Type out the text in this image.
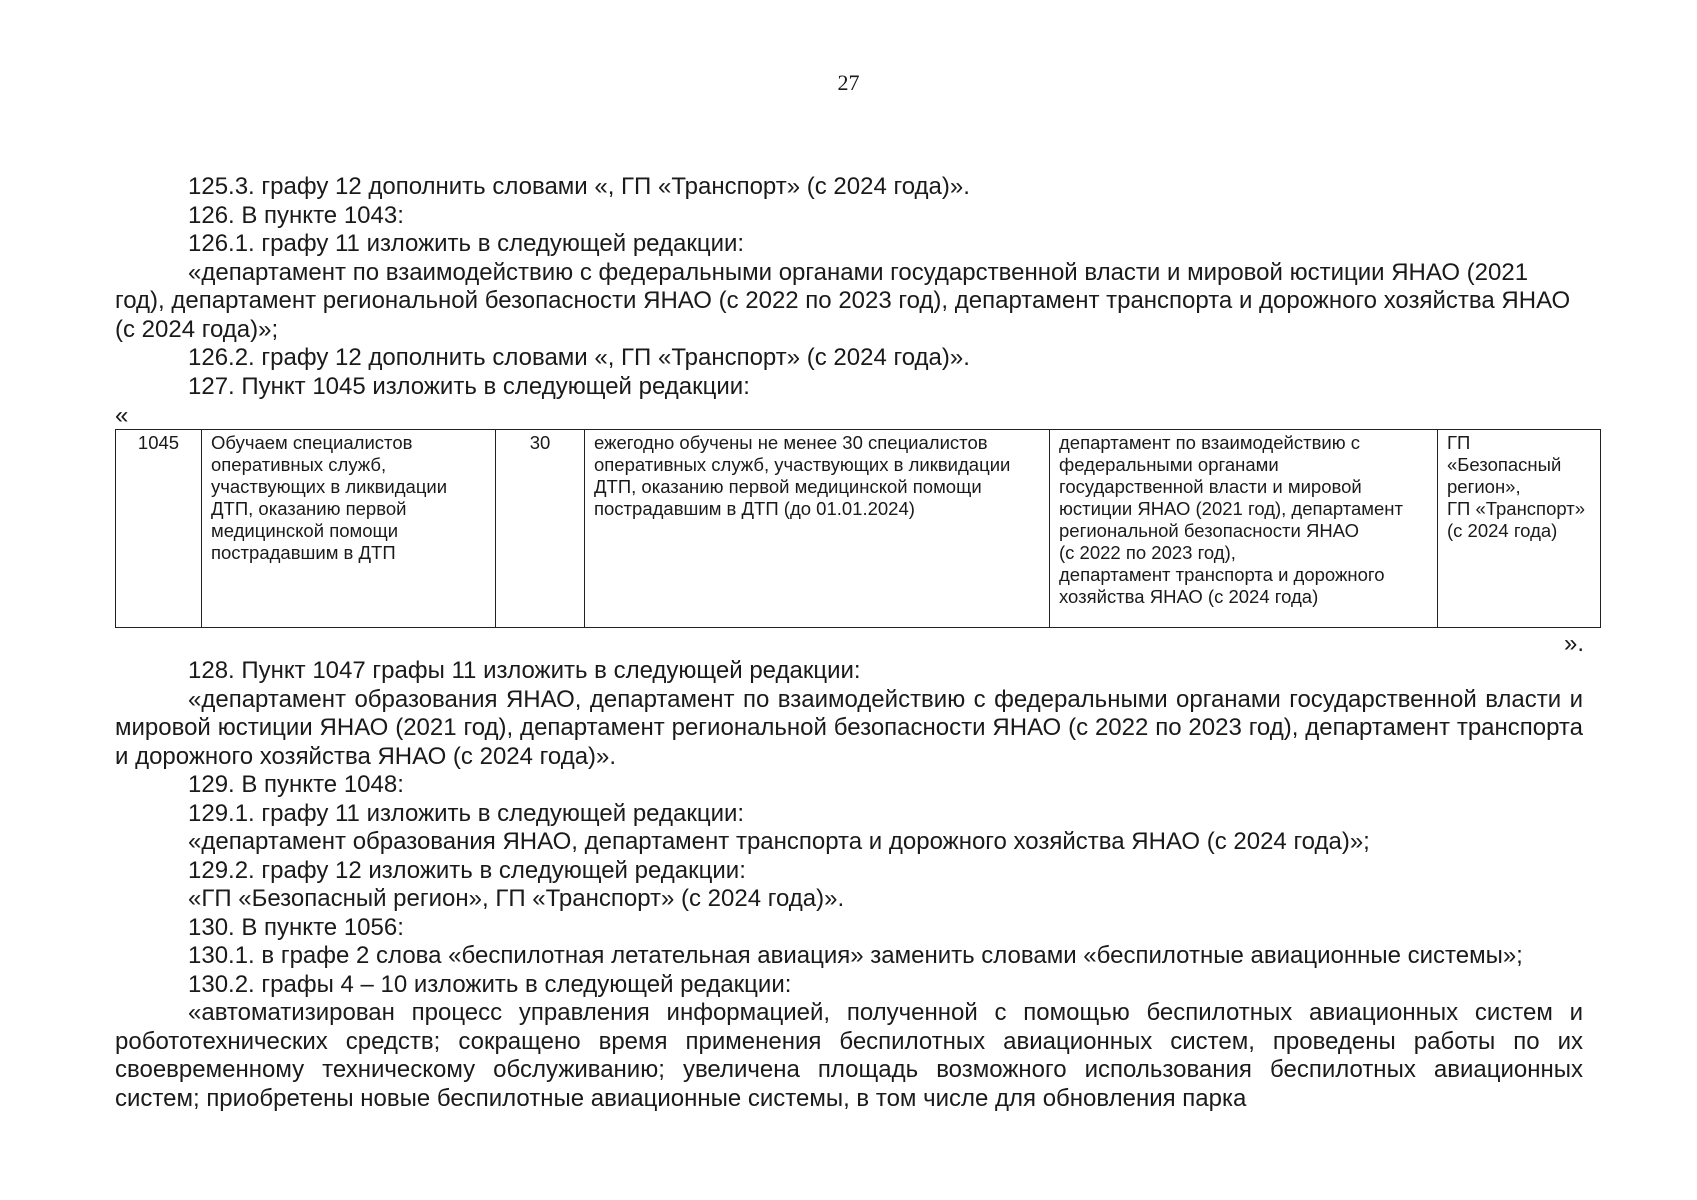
27

125.3. графу 12 дополнить словами «, ГП «Транспорт» (с 2024 года)».

126. В пункте 1043:

126.1. графу 11 изложить в следующей редакции:

«департамент по взаимодействию с федеральными органами государственной власти и мировой юстиции ЯНАО (2021 год), департамент региональной безопасности ЯНАО (с 2022 по 2023 год), департамент транспорта и дорожного хозяйства ЯНАО (с 2024 года)»;

126.2. графу 12 дополнить словами «, ГП «Транспорт» (с 2024 года)».

127. Пункт 1045 изложить в следующей редакции:

«
1045	Обучаем специалистов оперативных служб, участвующих в ликвидации ДТП, оказанию первой медицинской помощи пострадавшим в ДТП	30	ежегодно обучены не менее 30 специалистов оперативных служб, участвующих в ликвидации ДТП, оказанию первой медицинской помощи пострадавшим в ДТП (до 01.01.2024)	департамент по взаимодействию с федеральными органами государственной власти и мировой юстиции ЯНАО (2021 год), департамент региональной безопасности ЯНАО
(с 2022 по 2023 год),
департамент транспорта и дорожного хозяйства ЯНАО (с 2024 года)	ГП
«Безопасный регион»,
ГП «Транспорт»
(с 2024 года)
».

128. Пункт 1047 графы 11 изложить в следующей редакции:

«департамент образования ЯНАО, департамент по взаимодействию с федеральными органами государственной власти и мировой юстиции ЯНАО (2021 год), департамент региональной безопасности ЯНАО (с 2022 по 2023 год), департамент транспорта и дорожного хозяйства ЯНАО (с 2024 года)».

129. В пункте 1048:

129.1. графу 11 изложить в следующей редакции:

«департамент образования ЯНАО, департамент транспорта и дорожного хозяйства ЯНАО (с 2024 года)»;

129.2. графу 12 изложить в следующей редакции:

«ГП «Безопасный регион», ГП «Транспорт» (с 2024 года)».

130. В пункте 1056:

130.1. в графе 2 слова «беспилотная летательная авиация» заменить словами «беспилотные авиационные системы»;

130.2. графы 4 – 10 изложить в следующей редакции:

«автоматизирован процесс управления информацией, полученной с помощью беспилотных авиационных систем и робототехнических средств; сокращено время применения беспилотных авиационных систем, проведены работы по их своевременному техническому обслуживанию; увеличена площадь возможного использования беспилотных авиационных систем; приобретены новые беспилотные авиационные системы, в том числе для обновления парка
